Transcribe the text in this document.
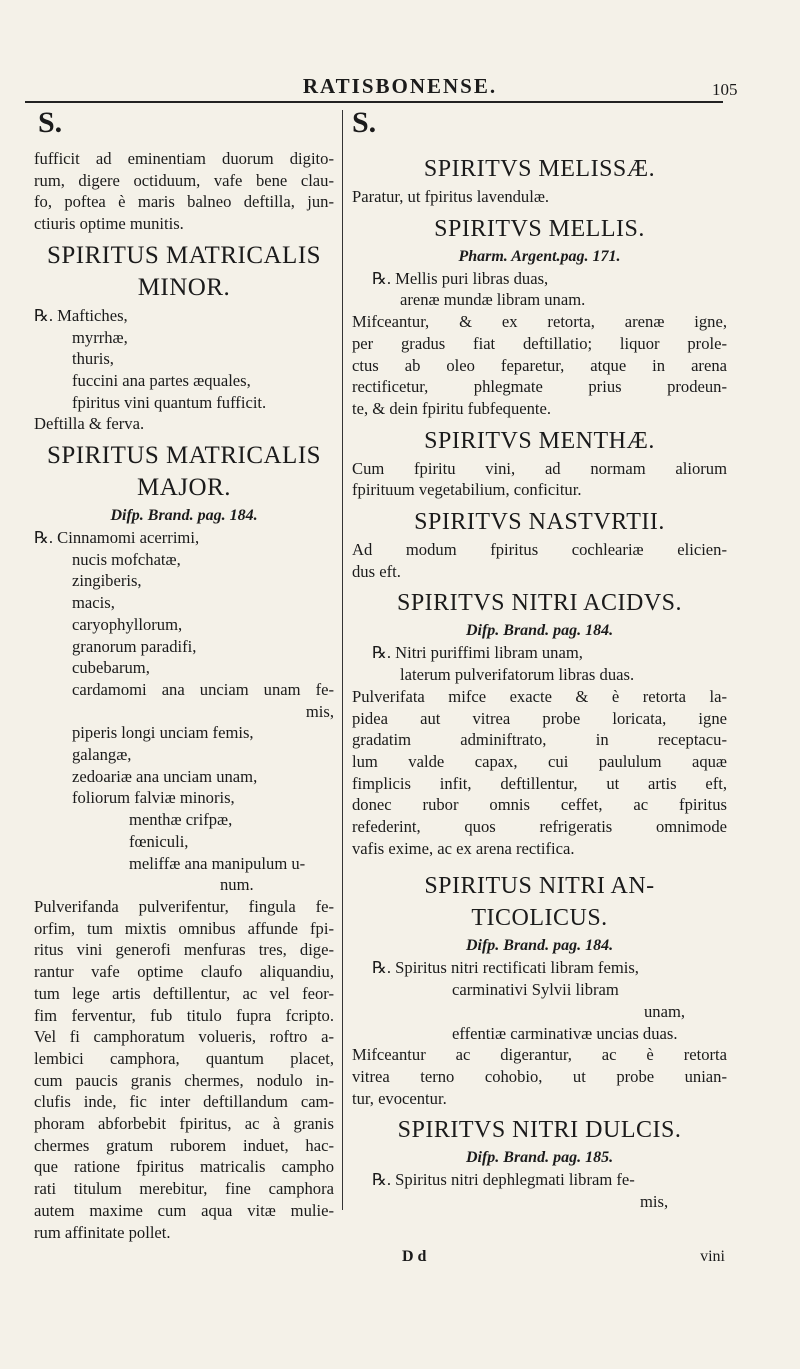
RATISBONENSE.	105
S.	S.
fufficit ad eminentiam duorum digito-
rum, digere octiduum, vafe bene clau-
fo, poftea è maris balneo deftilla, jun-
ctiuris optime munitis.
SPIRITUS MATRICALIS
MINOR.
℞. Maftiches,
myrrhæ,
thuris,
fuccini ana partes æquales,
fpiritus vini quantum fufficit.
Deftilla & ferva.
SPIRITUS MATRICALIS
MAJOR.
Difp. Brand. pag. 184.
℞. Cinnamomi acerrimi,
nucis mofchatæ,
zingiberis,
macis,
caryophyllorum,
granorum paradifi,
cubebarum,
cardamomi ana unciam unam fe-
mis,
piperis longi unciam femis,
galangæ,
zedoariæ ana unciam unam,
foliorum falviæ minoris,
menthæ crifpæ,
fœniculi,
meliffæ ana manipulum u-
num.
Pulverifanda pulverifentur, fingula fe-
orfim, tum mixtis omnibus affunde fpi-
ritus vini generofi menfuras tres, dige-
rantur vafe optime claufo aliquandiu,
tum lege artis deftillentur, ac vel feor-
fim ferventur, fub titulo fupra fcripto.
Vel fi camphoratum volueris, roftro a-
lembici camphora, quantum placet,
cum paucis granis chermes, nodulo in-
clufis inde, fic inter deftillandum cam-
phoram abforbebit fpiritus, ac à granis
chermes gratum ruborem induet, hac-
que ratione fpiritus matricalis campho
rati titulum merebitur, fine camphora
autem maxime cum aqua vitæ mulie-
rum affinitate pollet.
SPIRITVS MELISSÆ.
Paratur, ut fpiritus lavendulæ.
SPIRITVS MELLIS.
Pharm. Argent.pag. 171.
℞. Mellis puri libras duas,
arenæ mundæ libram unam.
Mifceantur, & ex retorta, arenæ igne,
per gradus fiat deftillatio; liquor prole-
ctus ab oleo feparetur, atque in arena
rectificetur, phlegmate prius prodeun-
te, & dein fpiritu fubfequente.
SPIRITVS MENTHÆ.
Cum fpiritu vini, ad normam aliorum
fpirituum vegetabilium, conficitur.
SPIRITVS NASTVRTII.
Ad modum fpiritus cochleariæ elicien-
dus eft.
SPIRITVS NITRI ACIDVS.
Difp. Brand. pag. 184.
℞. Nitri puriffimi libram unam,
laterum pulverifatorum libras duas.
Pulverifata mifce exacte & è retorta la-
pidea aut vitrea probe loricata, igne
gradatim adminiftrato, in receptacu-
lum valde capax, cui paululum aquæ
fimplicis infit, deftillentur, ut artis eft,
donec rubor omnis ceffet, ac fpiritus
refederint, quos refrigeratis omnimode
vafis exime, ac ex arena rectifica.
SPIRITUS NITRI AN-
TICOLICUS.
Difp. Brand. pag. 184.
℞. Spiritus nitri rectificati libram femis,
carminativi Sylvii libram
unam,
effentiæ carminativæ uncias duas.
Mifceantur ac digerantur, ac è retorta
vitrea terno cohobio, ut probe unian-
tur, evocentur.
SPIRITVS NITRI DULCIS.
Difp. Brand. pag. 185.
℞. Spiritus nitri dephlegmati libram fe-
mis,
D d	vini
